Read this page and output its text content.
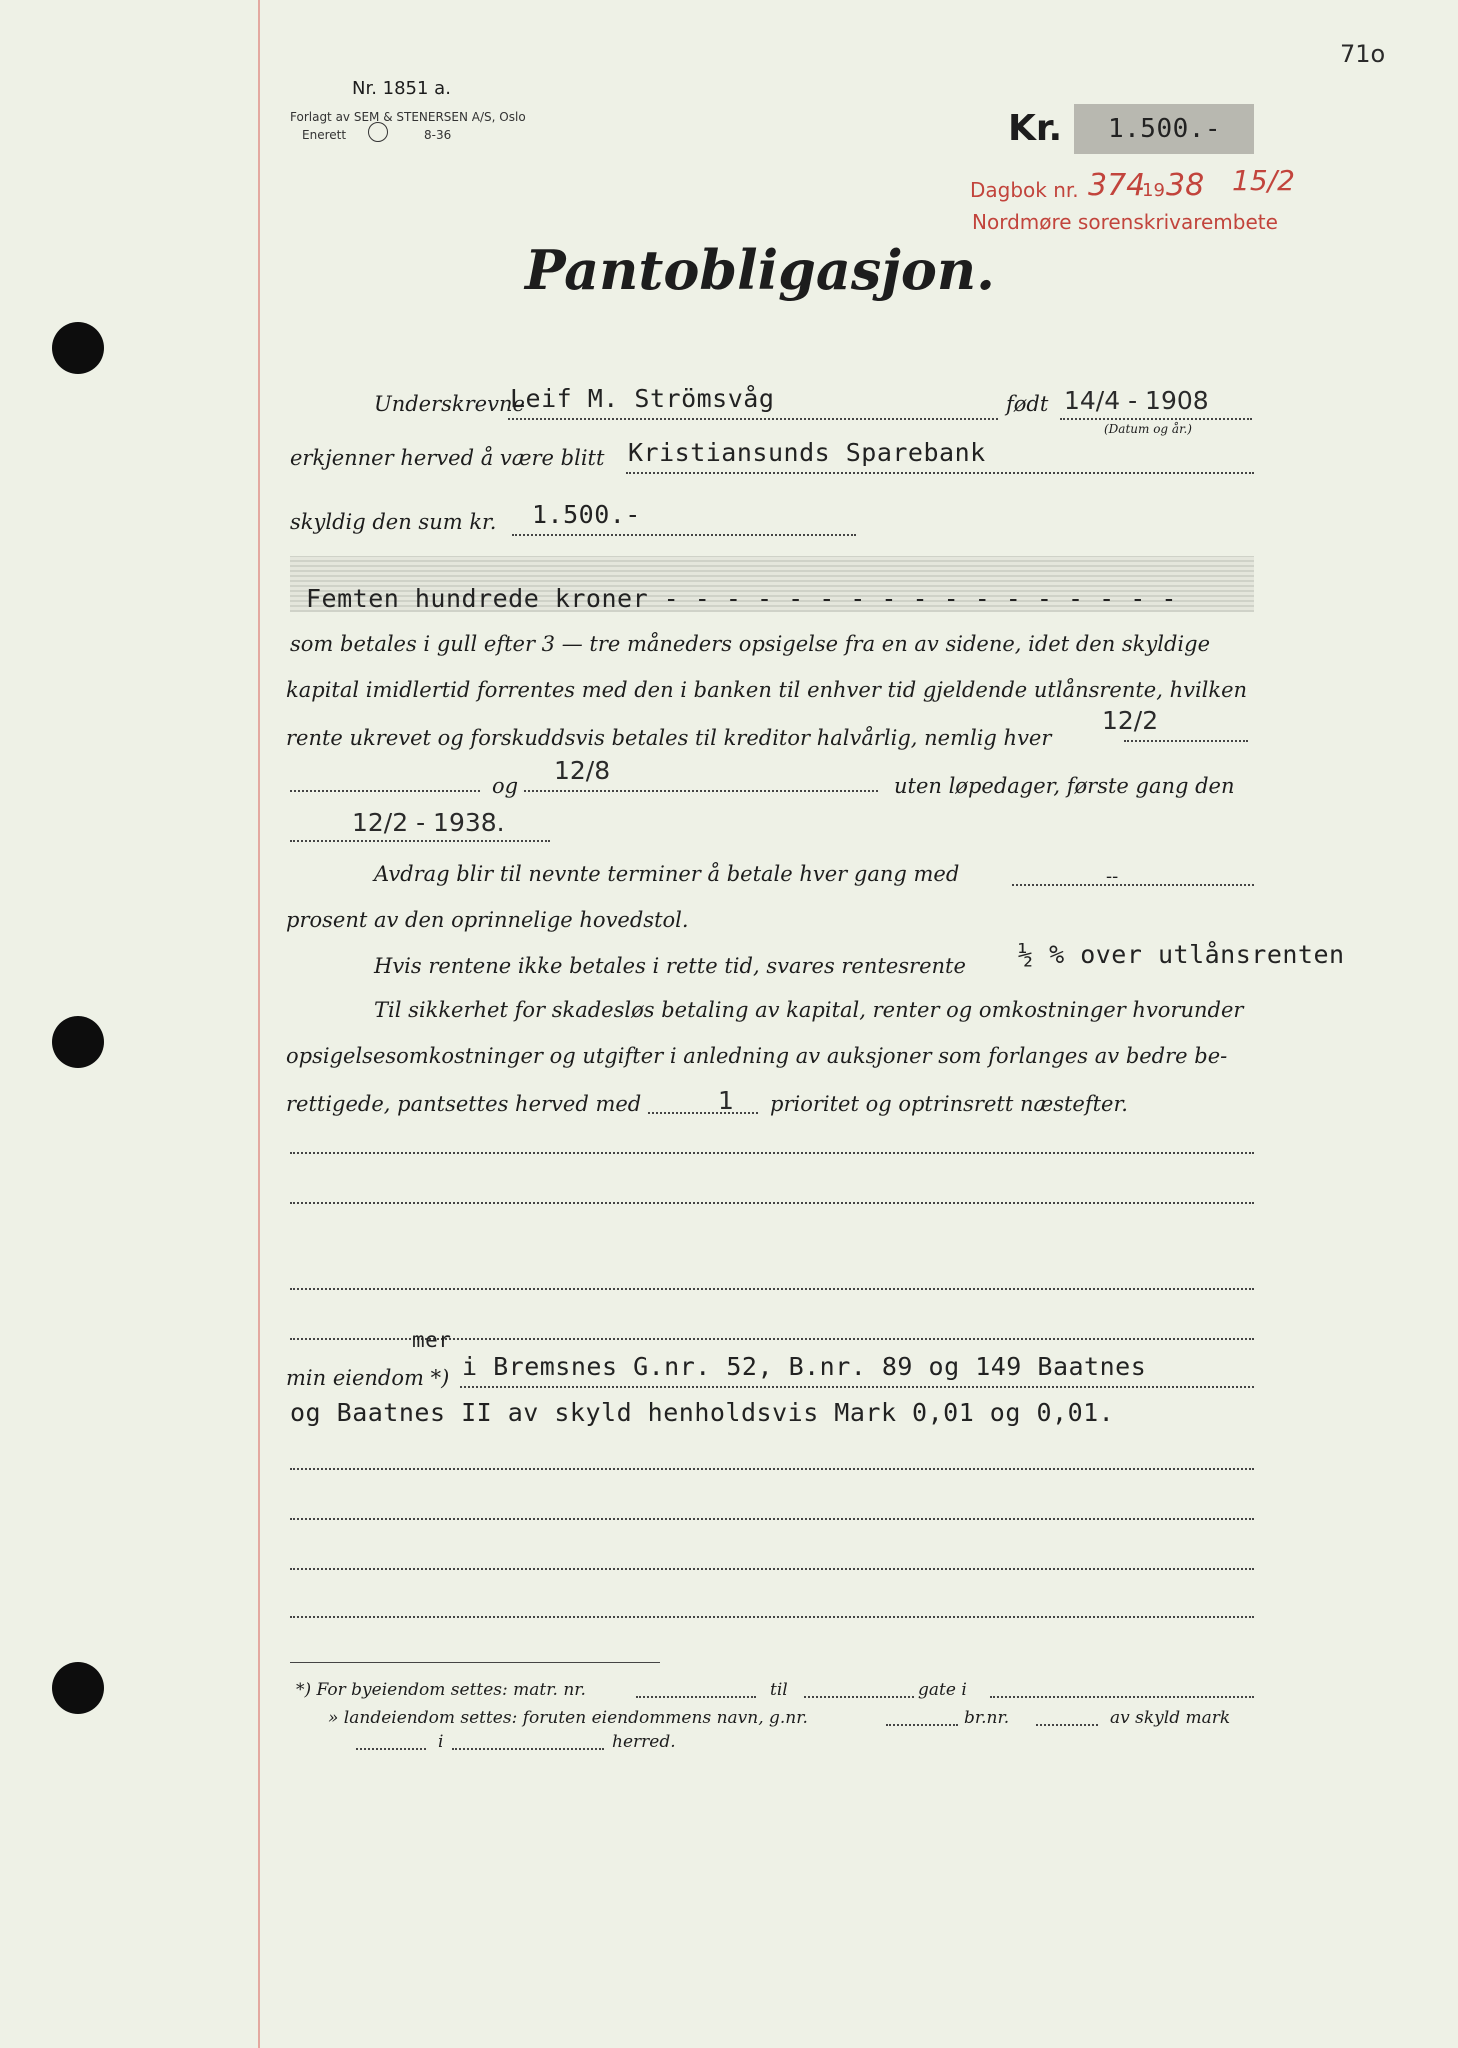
71o
Nr. 1851 a.
Forlagt av SEM & STENERSEN A/S, Oslo
Enerett	8-36	Kr. 1.500.-
Dagbok nr. 374
19 38 15/2
Nordmøre sorenskrivarembete
Pantobligasjon.
Underskrevne
Leif M. Strömsvåg	født 14/4 - 1908
(Datum og år.)
erkjenner herved å være blitt Kristiansunds Sparebank
skyldig den sum kr. 1.500.-
Femten hundrede kroner - - - - - - - - - - - - - - - - -
som betales i gull efter 3 — tre måneders opsigelse fra en av sidene, idet den skyldige
kapital imidlertid forrentes med den i banken til enhver tid gjeldende utlånsrente, hvilken
rente ukrevet og forskuddsvis betales til kreditor halvårlig, nemlig hver
12/2
og
12/8
uten løpedager, første gang den
12/2 - 1938.
Avdrag blir til nevnte terminer å betale hver gang med	--
prosent av den oprinnelige hovedstol.
Hvis rentene ikke betales i rette tid, svares rentesrente ½ % over utlånsrenten
Til sikkerhet for skadesløs betaling av kapital, renter og omkostninger hvorunder
opsigelsesomkostninger og utgifter i anledning av auksjoner som forlanges av bedre be-
rettigede, pantsettes herved med	1 prioritet og optrinsrett næstefter.
mer
min eiendom *) i Bremsnes G.nr. 52, B.nr. 89 og 149 Baatnes
og Baatnes II av skyld henholdsvis Mark 0,01 og 0,01.
*) For byeiendom settes: matr. nr.	til	gate i
» landeiendom settes: foruten eiendommens navn, g.nr.	br.nr.	av skyld mark
i	herred.
